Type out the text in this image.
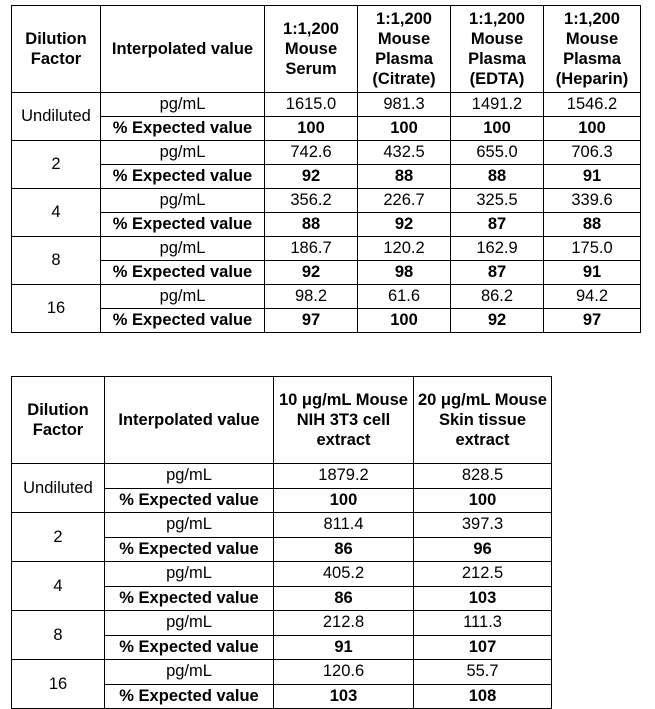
Dilution Factor	Interpolated value	1:1,200 Mouse Serum	1:1,200 Mouse Plasma (Citrate)	1:1,200 Mouse Plasma (EDTA)	1:1,200 Mouse Plasma (Heparin)
Undiluted	pg/mL	1615.0	981.3	1491.2	1546.2
	% Expected value	100	100	100	100
2	pg/mL	742.6	432.5	655.0	706.3
	% Expected value	92	88	88	91
4	pg/mL	356.2	226.7	325.5	339.6
	% Expected value	88	92	87	88
8	pg/mL	186.7	120.2	162.9	175.0
	% Expected value	92	98	87	91
16	pg/mL	98.2	61.6	86.2	94.2
	% Expected value	97	100	92	97
Dilution Factor	Interpolated value	10 μg/mL Mouse NIH 3T3 cell extract	20 μg/mL Mouse Skin tissue extract
Undiluted	pg/mL	1879.2	828.5
	% Expected value	100	100
2	pg/mL	811.4	397.3
	% Expected value	86	96
4	pg/mL	405.2	212.5
	% Expected value	86	103
8	pg/mL	212.8	111.3
	% Expected value	91	107
16	pg/mL	120.6	55.7
	% Expected value	103	108
